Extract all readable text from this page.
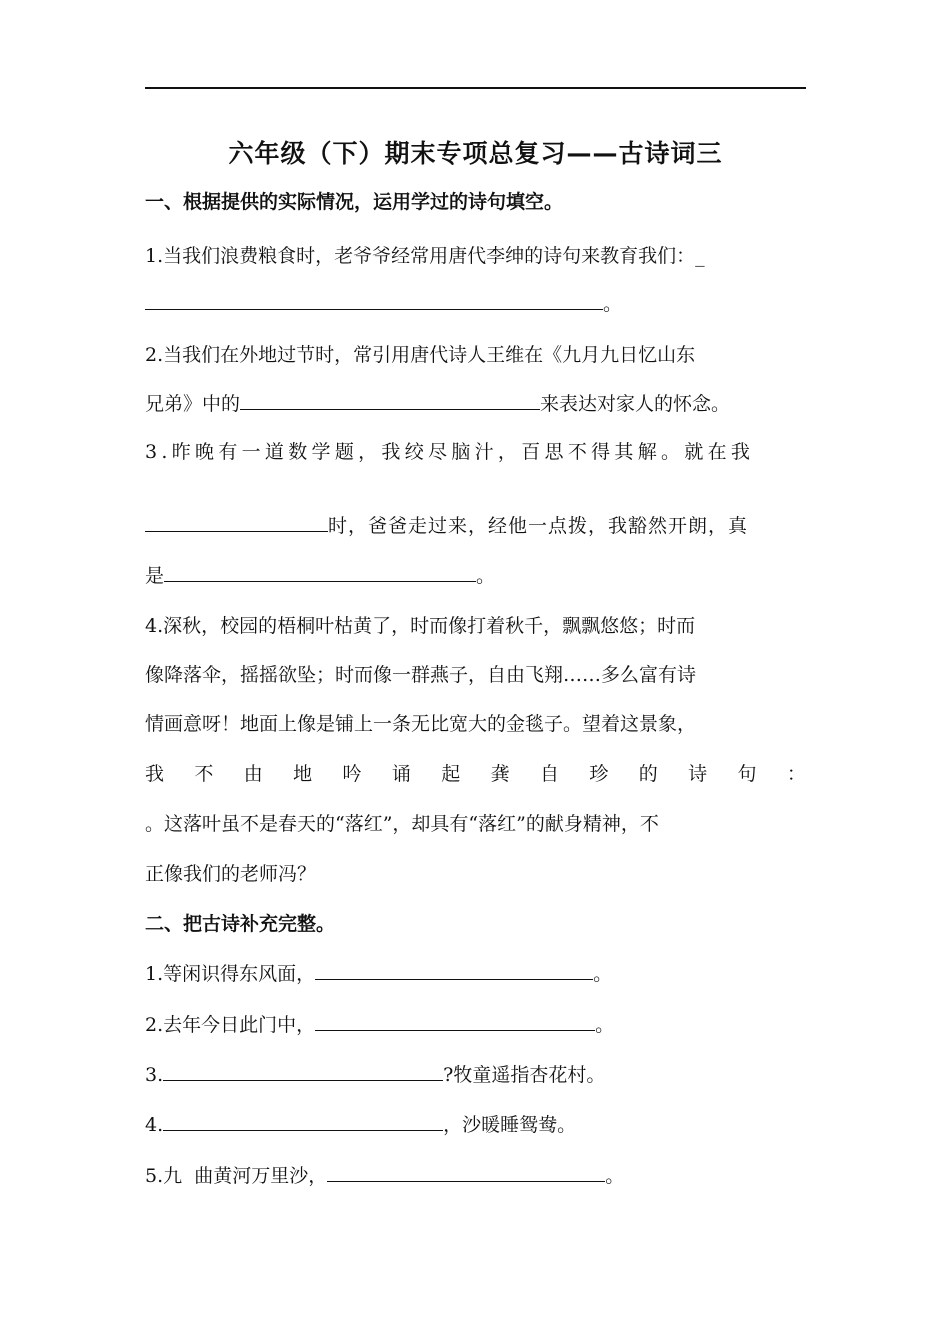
六年级（下）期末专项总复习——古诗词三
一、根据提供的实际情况，运用学过的诗句填空。
1.当我们浪费粮食时，老爷爷经常用唐代李绅的诗句来教育我们：_
。
2.当我们在外地过节时，常引用唐代诗人王维在《九月九日忆山东
兄弟》中的	来表达对家人的怀念。
3.昨晚有一道数学题，我绞尽脑汁，百思不得其解。就在我
时，爸爸走过来，经他一点拨，我豁然开朗，真
是	。
4.深秋，校园的梧桐叶枯黄了，时而像打着秋千，飘飘悠悠；时而
像降落伞，摇摇欲坠；时而像一群燕子，自由飞翔……多么富有诗
情画意呀！地面上像是铺上一条无比宽大的金毯子。望着这景象，
我 不 由 地 吟 诵 起 龚 自 珍 的 诗 句 ：
。这落叶虽不是春天的“落红”，却具有“落红”的献身精神，不
正像我们的老师冯？
二、把古诗补充完整。
1.等闲识得东风面，	。
2.去年今日此门中，	。
3.	?牧童遥指杏花村。
4.	，沙暖睡鸳鸯。
5.九  曲黄河万里沙，	。
